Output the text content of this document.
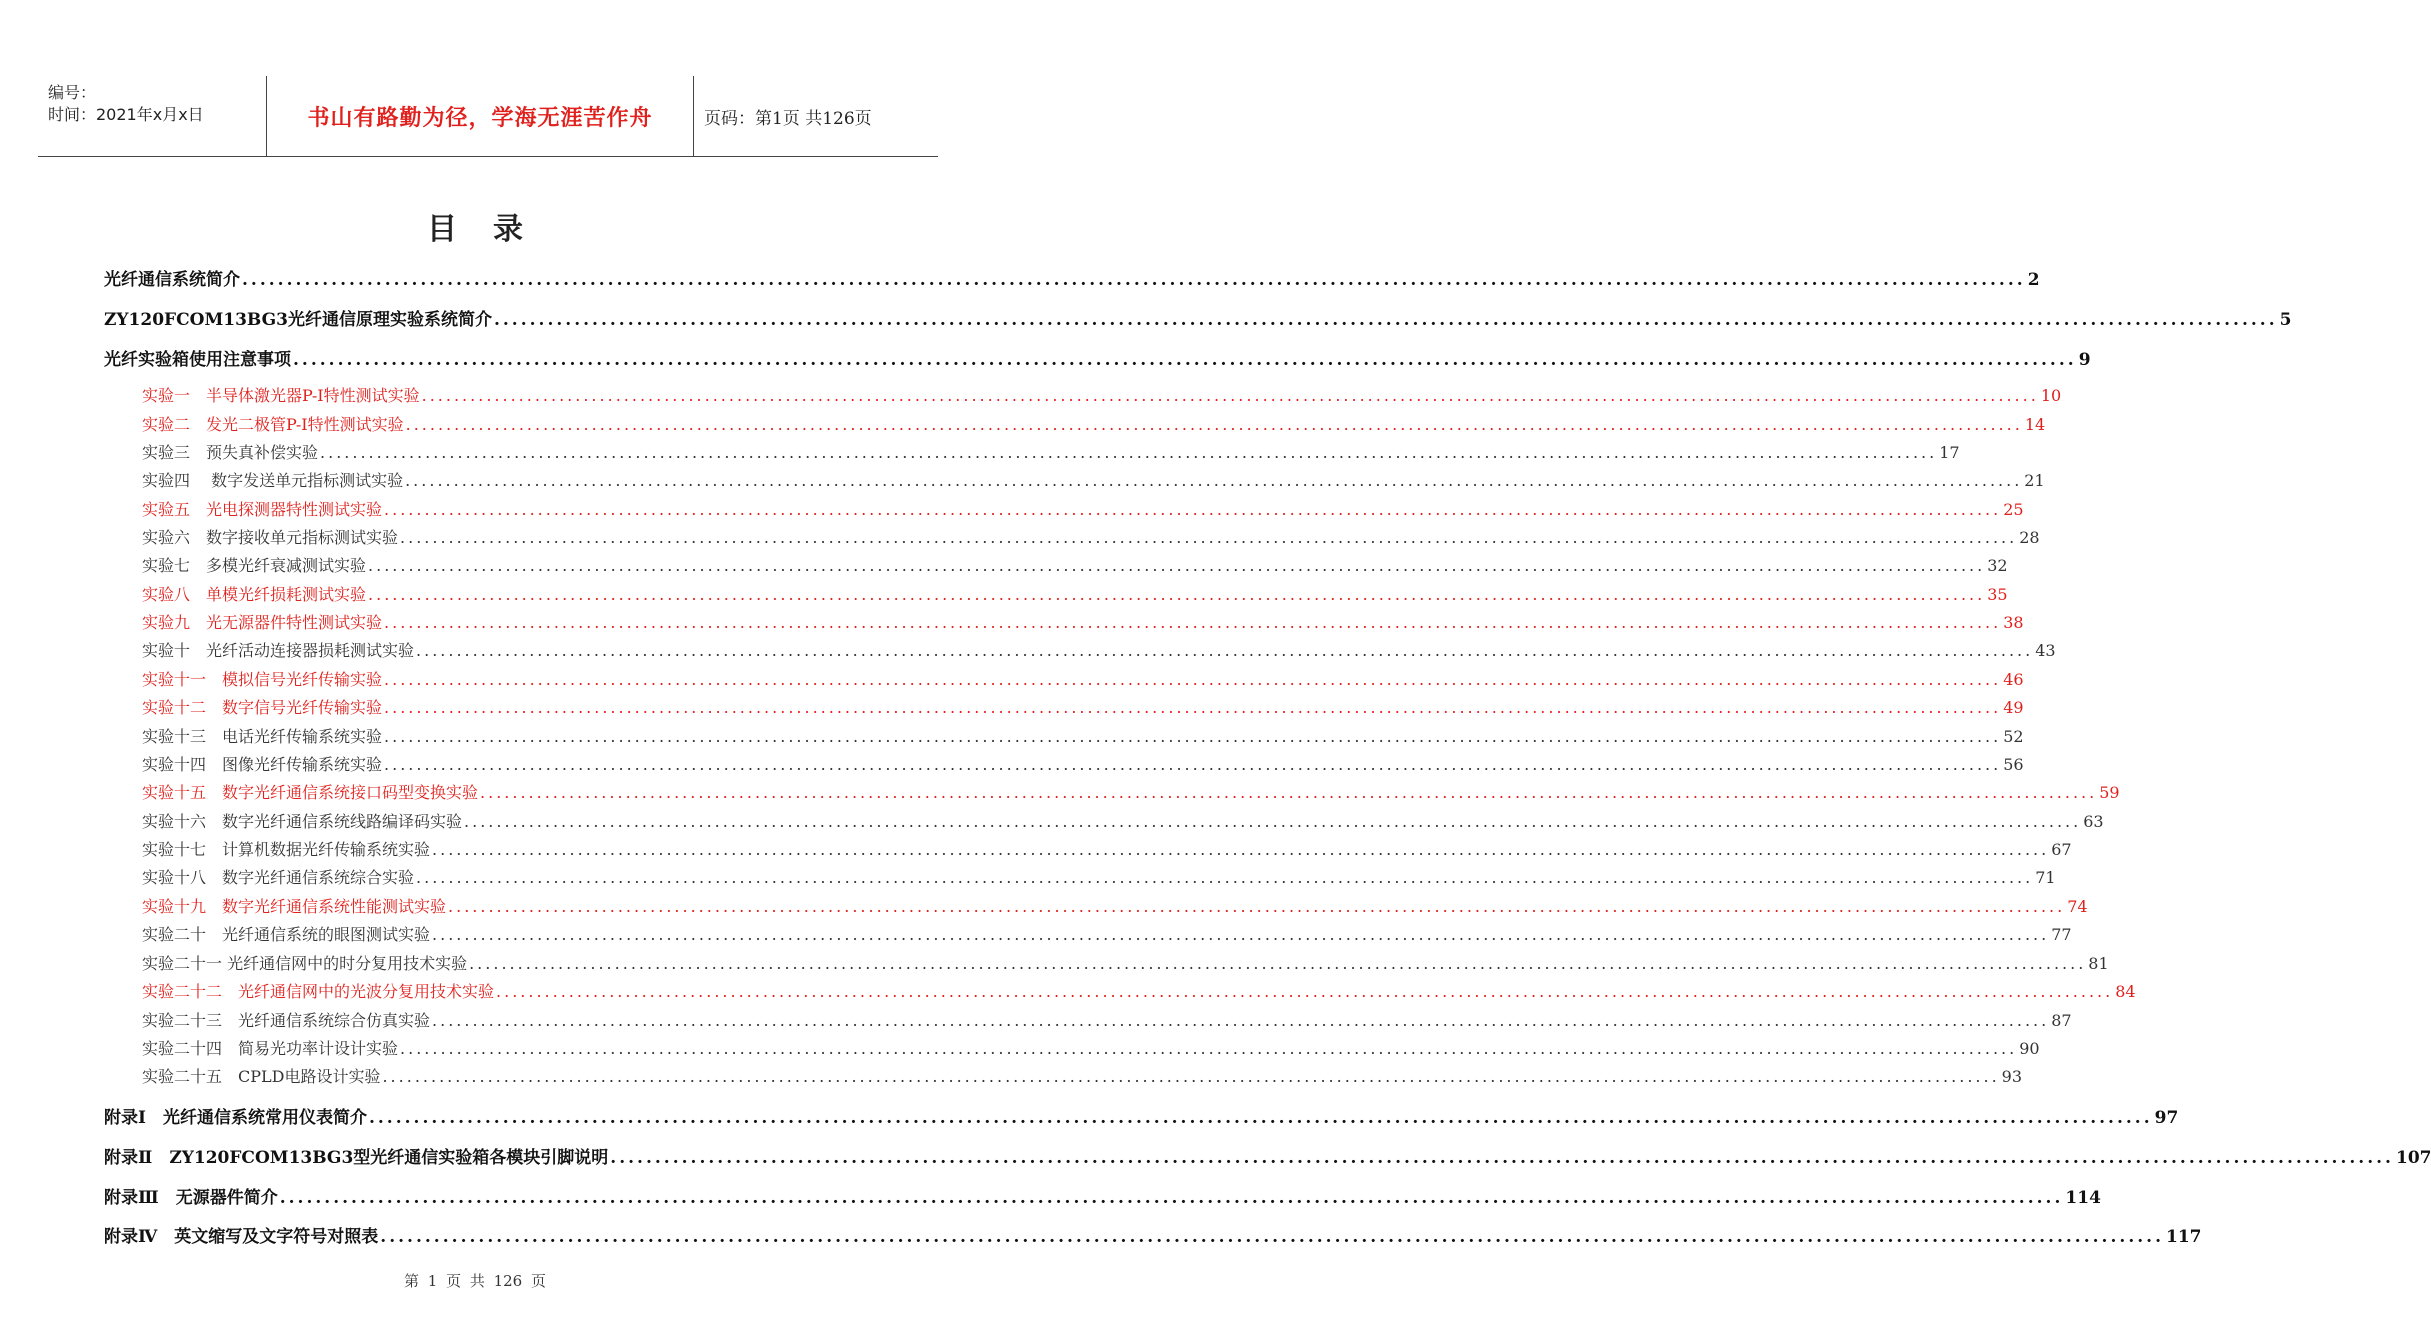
编号：
时间：2021年x月x日	书山有路勤为径，学海无涯苦作舟	页码：第1页 共126页
目录
光纤通信系统简介 ........................................................................................................................................................................................................ 2
ZY120FCOM13BG3光纤通信原理实验系统简介 ........................................................................................................................................................................................................ 5
光纤实验箱使用注意事项 ........................................................................................................................................................................................................ 9
实验一　半导体激光器P-I特性测试实验 ........................................................................................................................................................................................................ 10
实验二　发光二极管P-I特性测试实验 ........................................................................................................................................................................................................ 14
实验三　预失真补偿实验 ........................................................................................................................................................................................................ 17
实验四　 数字发送单元指标测试实验 ........................................................................................................................................................................................................ 21
实验五　光电探测器特性测试实验 ........................................................................................................................................................................................................ 25
实验六　数字接收单元指标测试实验 ........................................................................................................................................................................................................ 28
实验七　多模光纤衰减测试实验 ........................................................................................................................................................................................................ 32
实验八　单模光纤损耗测试实验 ........................................................................................................................................................................................................ 35
实验九　光无源器件特性测试实验 ........................................................................................................................................................................................................ 38
实验十　光纤活动连接器损耗测试实验 ........................................................................................................................................................................................................ 43
实验十一　模拟信号光纤传输实验 ........................................................................................................................................................................................................ 46
实验十二　数字信号光纤传输实验 ........................................................................................................................................................................................................ 49
实验十三　电话光纤传输系统实验 ........................................................................................................................................................................................................ 52
实验十四　图像光纤传输系统实验 ........................................................................................................................................................................................................ 56
实验十五　数字光纤通信系统接口码型变换实验 ........................................................................................................................................................................................................ 59
实验十六　数字光纤通信系统线路编译码实验 ........................................................................................................................................................................................................ 63
实验十七　计算机数据光纤传输系统实验 ........................................................................................................................................................................................................ 67
实验十八　数字光纤通信系统综合实验 ........................................................................................................................................................................................................ 71
实验十九　数字光纤通信系统性能测试实验 ........................................................................................................................................................................................................ 74
实验二十　光纤通信系统的眼图测试实验 ........................................................................................................................................................................................................ 77
实验二十一 光纤通信网中的时分复用技术实验 ........................................................................................................................................................................................................ 81
实验二十二　光纤通信网中的光波分复用技术实验 ........................................................................................................................................................................................................ 84
实验二十三　光纤通信系统综合仿真实验 ........................................................................................................................................................................................................ 87
实验二十四　简易光功率计设计实验 ........................................................................................................................................................................................................ 90
实验二十五　CPLD电路设计实验 ........................................................................................................................................................................................................ 93
附录Ⅰ　光纤通信系统常用仪表简介 ........................................................................................................................................................................................................ 97
附录Ⅱ　ZY120FCOM13BG3型光纤通信实验箱各模块引脚说明 ........................................................................................................................................................................................................ 107
附录Ⅲ　无源器件简介 ........................................................................................................................................................................................................ 114
附录Ⅳ　英文缩写及文字符号对照表 ........................................................................................................................................................................................................ 117
第 1 页 共 126 页
